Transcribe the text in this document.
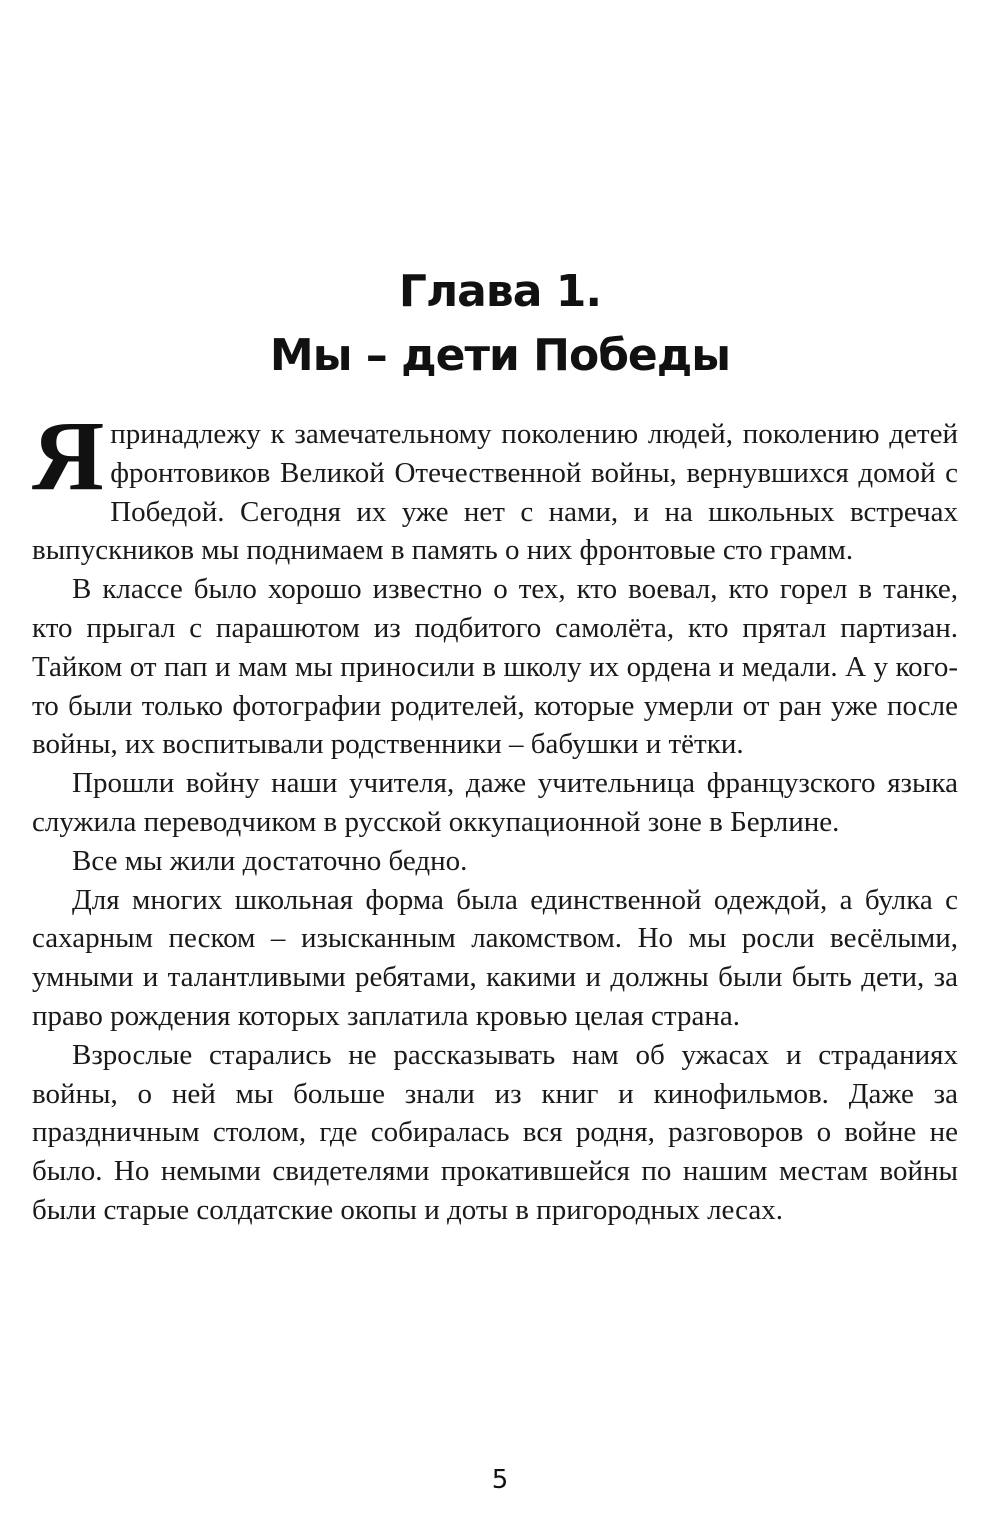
Глава 1.
Мы – дети Победы

Япринадлежу к замечательному поколению людей, поколению детей фронтовиков Великой Отечественной войны, вернувшихся домой с Победой. Сегодня их уже нет с нами, и на школьных встречах выпускников мы поднимаем в память о них фронтовые сто грамм.

В классе было хорошо известно о тех, кто воевал, кто горел в танке, кто прыгал с парашютом из подбитого самолёта, кто прятал партизан. Тайком от пап и мам мы приносили в школу их ордена и медали. А у кого-то были только фотографии родителей, которые умерли от ран уже после войны, их воспитывали родственники – бабушки и тётки.

Прошли войну наши учителя, даже учительница французского языка служила переводчиком в русской оккупационной зоне в Берлине.

Все мы жили достаточно бедно.

Для многих школьная форма была единственной одеждой, а булка с сахарным песком – изысканным лакомством. Но мы росли весёлыми, умными и талантливыми ребятами, какими и должны были быть дети, за право рождения которых заплатила кровью целая страна.

Взрослые старались не рассказывать нам об ужасах и страданиях войны, о ней мы больше знали из книг и кинофильмов. Даже за праздничным столом, где собиралась вся родня, разговоров о войне не было. Но немыми свидетелями прокатившейся по нашим местам войны были старые солдатские окопы и доты в пригородных лесах.

5
